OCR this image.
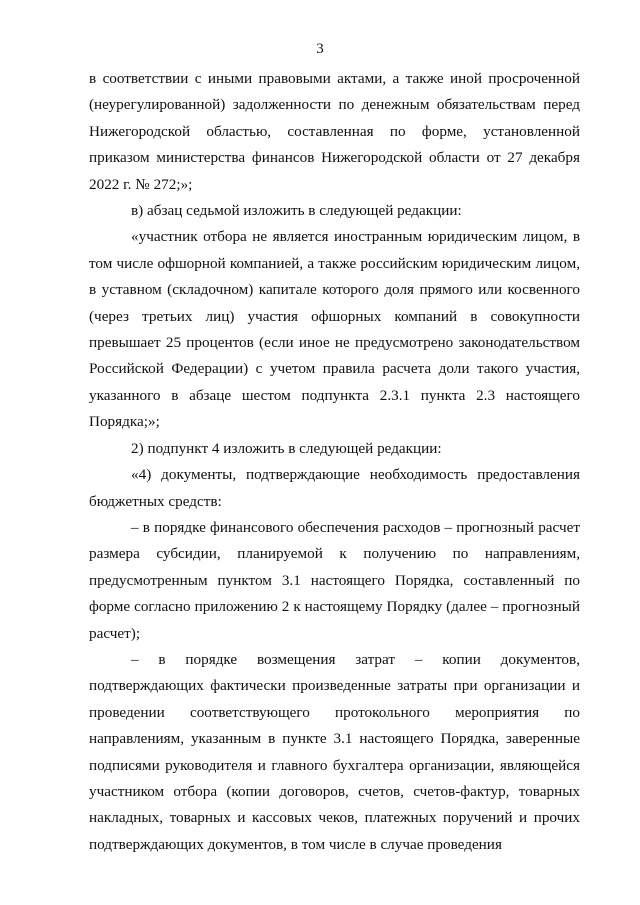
3

в соответствии с иными правовыми актами, а также иной просроченной (неурегулированной) задолженности по денежным обязательствам перед Нижегородской областью, составленная по форме, установленной приказом министерства финансов Нижегородской области от 27 декабря 2022 г. № 272;»;

в) абзац седьмой изложить в следующей редакции:

«участник отбора не является иностранным юридическим лицом, в том числе офшорной компанией, а также российским юридическим лицом, в уставном (складочном) капитале которого доля прямого или косвенного (через третьих лиц) участия офшорных компаний в совокупности превышает 25 процентов (если иное не предусмотрено законодательством Российской Федерации) с учетом правила расчета доли такого участия, указанного в абзаце шестом подпункта 2.3.1 пункта 2.3 настоящего Порядка;»;

2) подпункт 4 изложить в следующей редакции:

«4) документы, подтверждающие необходимость предоставления бюджетных средств:

– в порядке финансового обеспечения расходов – прогнозный расчет размера субсидии, планируемой к получению по направлениям, предусмотренным пунктом 3.1 настоящего Порядка, составленный по форме согласно приложению 2 к настоящему Порядку (далее – прогнозный расчет);

– в порядке возмещения затрат – копии документов, подтверждающих фактически произведенные затраты при организации и проведении соответствующего протокольного мероприятия по направлениям, указанным в пункте 3.1 настоящего Порядка, заверенные подписями руководителя и главного бухгалтера организации, являющейся участником отбора (копии договоров, счетов, счетов-фактур, товарных накладных, товарных и кассовых чеков, платежных поручений и прочих подтверждающих документов, в том числе в случае проведения
